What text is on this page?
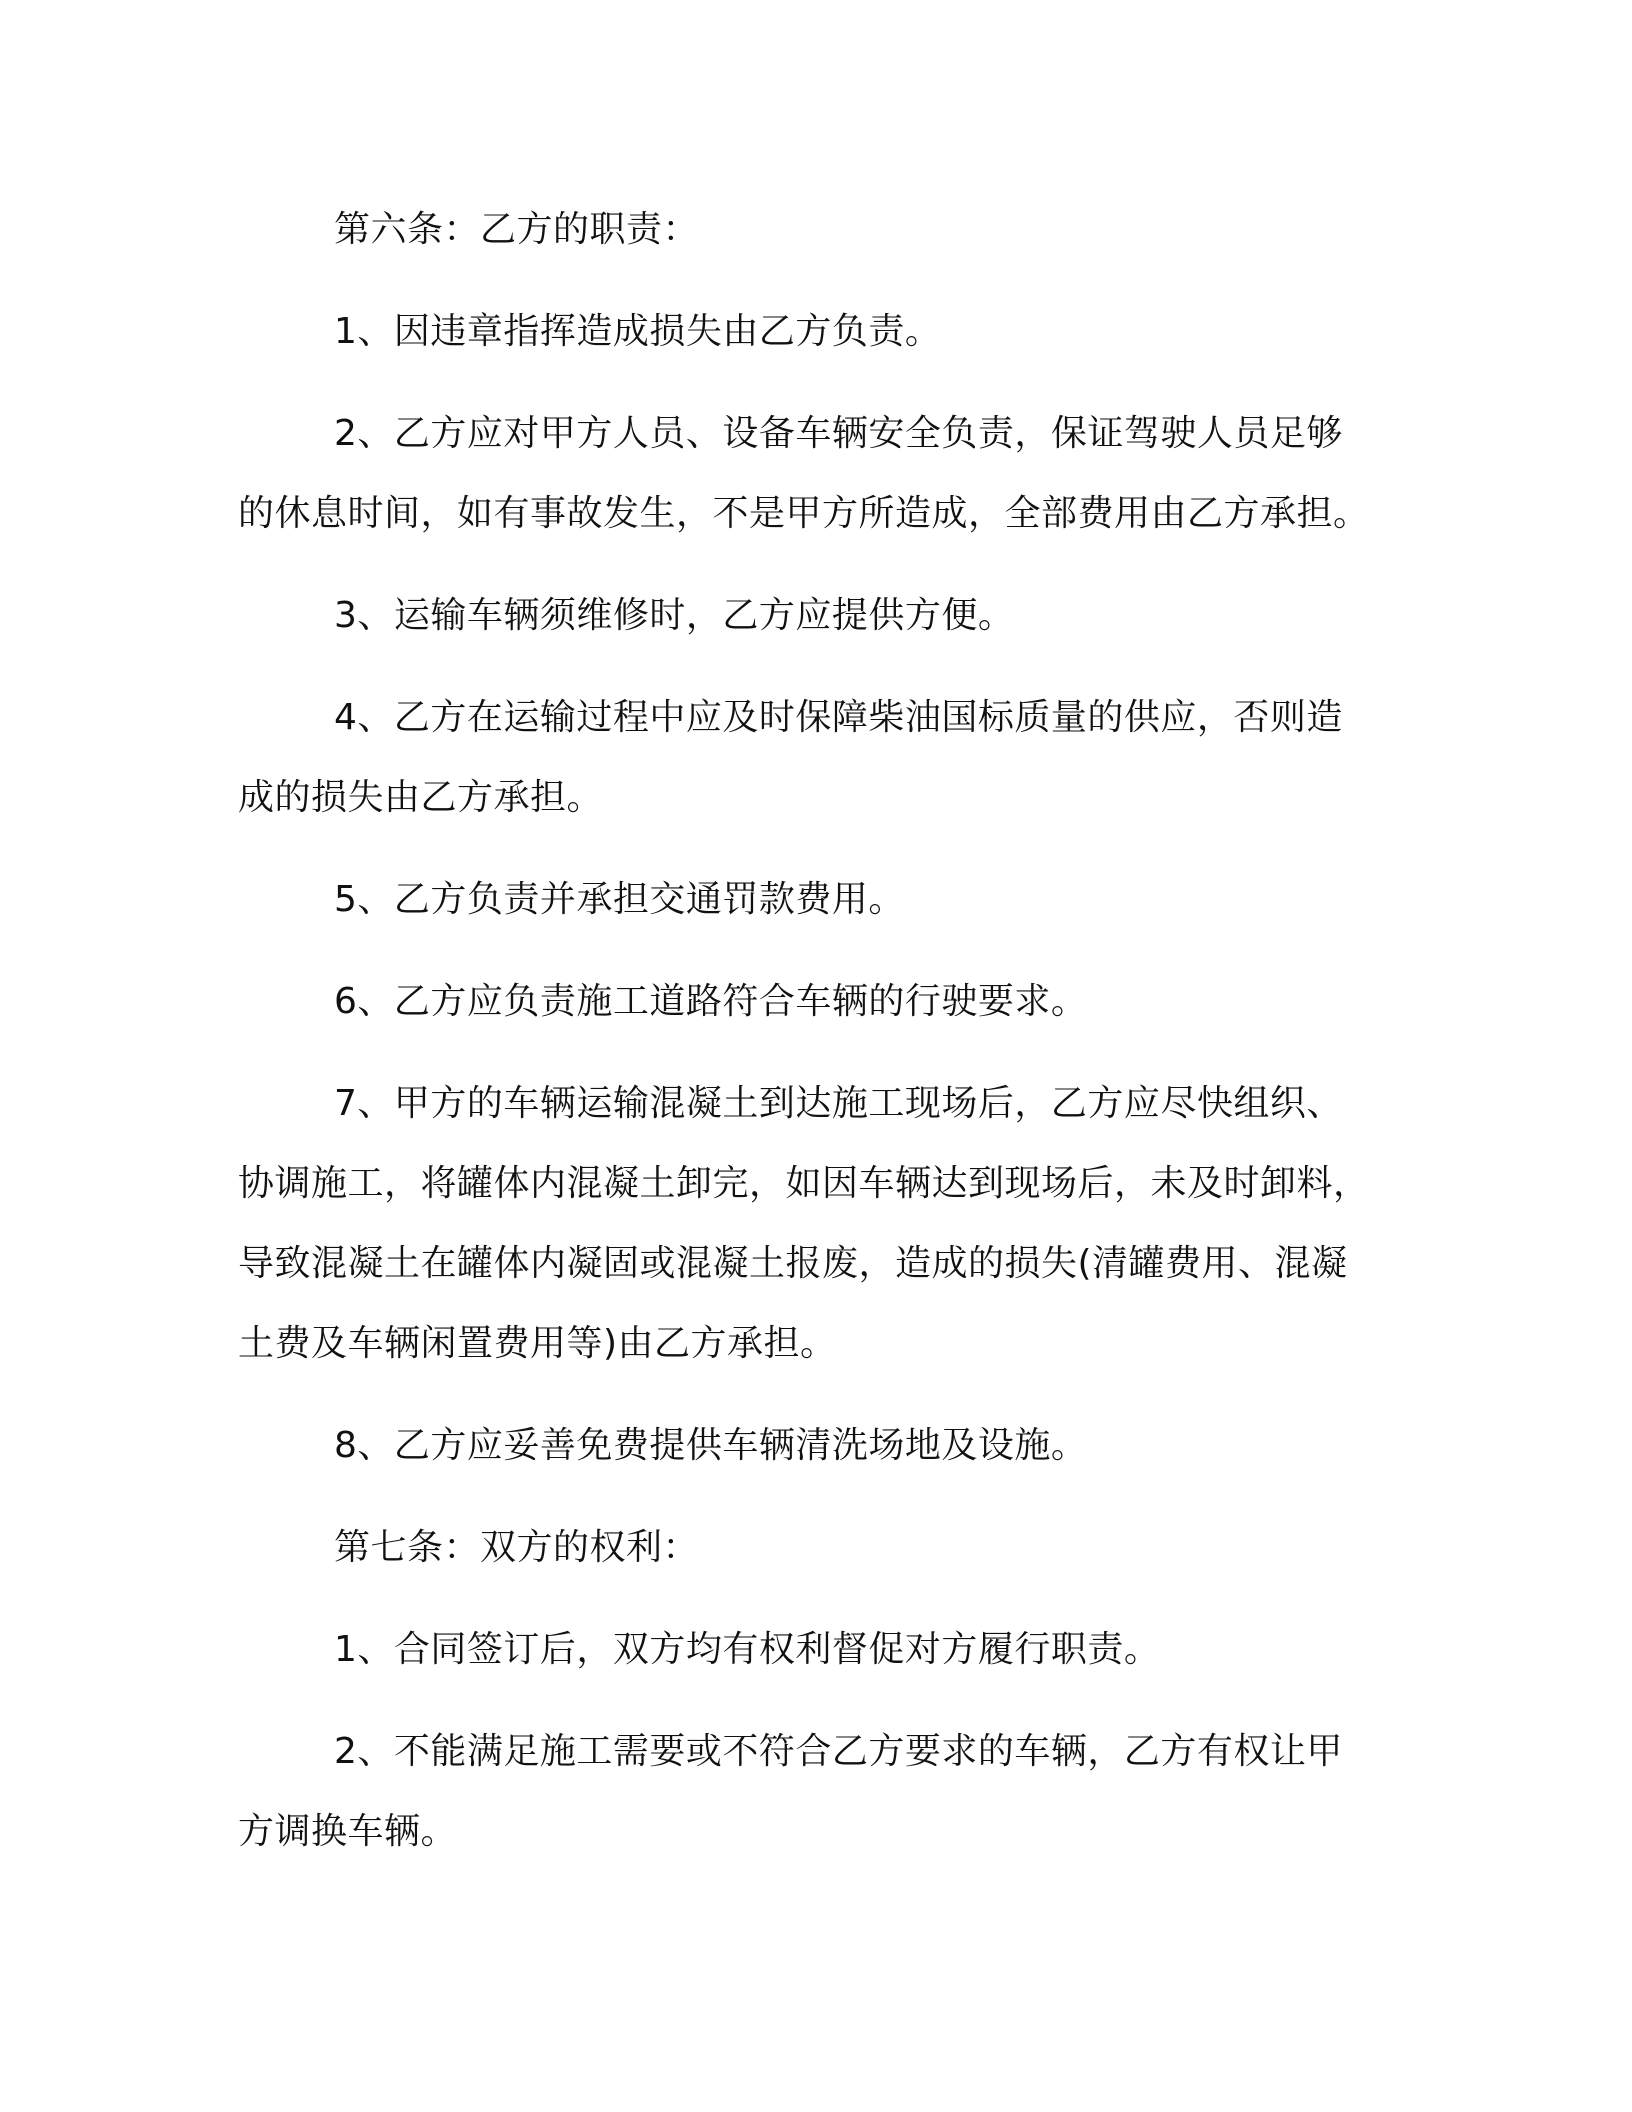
第六条：乙方的职责：

1、因违章指挥造成损失由乙方负责。

2、乙方应对甲方人员、设备车辆安全负责，保证驾驶人员足够的休息时间，如有事故发生，不是甲方所造成，全部费用由乙方承担。

3、运输车辆须维修时，乙方应提供方便。

4、乙方在运输过程中应及时保障柴油国标质量的供应，否则造成的损失由乙方承担。

5、乙方负责并承担交通罚款费用。

6、乙方应负责施工道路符合车辆的行驶要求。

7、甲方的车辆运输混凝土到达施工现场后，乙方应尽快组织、协调施工，将罐体内混凝土卸完，如因车辆达到现场后，未及时卸料，导致混凝土在罐体内凝固或混凝土报废，造成的损失(清罐费用、混凝土费及车辆闲置费用等)由乙方承担。

8、乙方应妥善免费提供车辆清洗场地及设施。

第七条：双方的权利：

1、合同签订后，双方均有权利督促对方履行职责。

2、不能满足施工需要或不符合乙方要求的车辆，乙方有权让甲方调换车辆。
